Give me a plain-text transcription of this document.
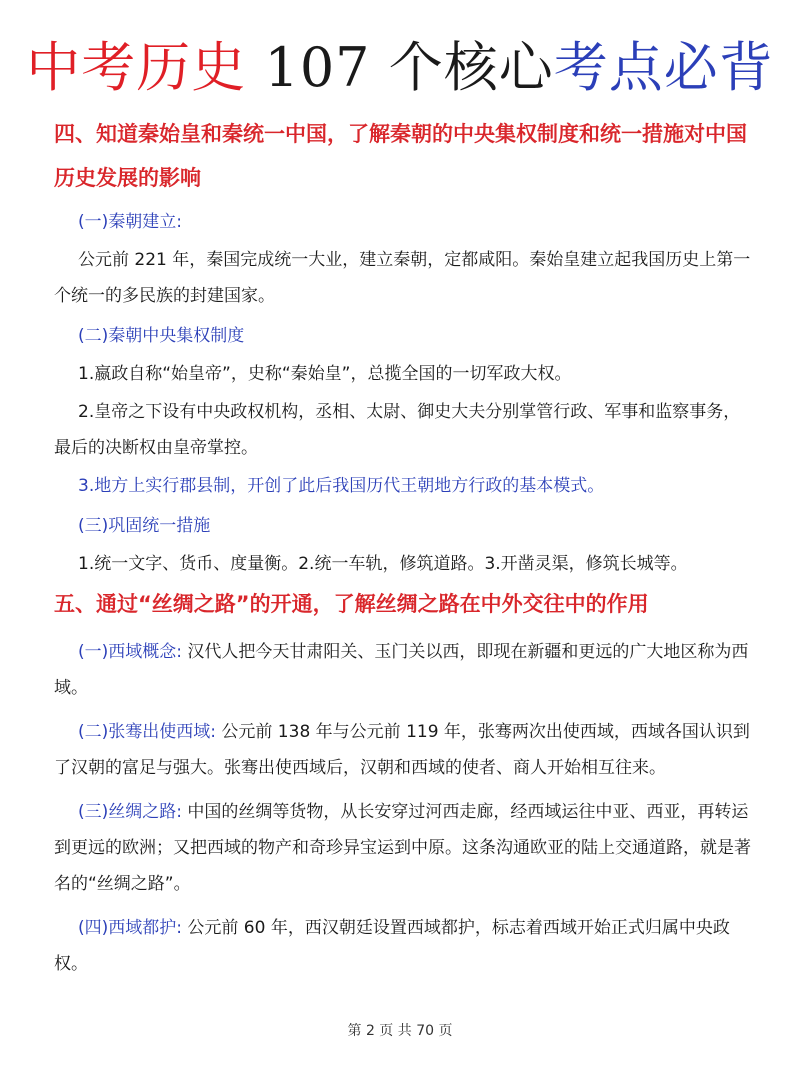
中考历史 107 个核心考点必背

四、知道秦始皇和秦统一中国，了解秦朝的中央集权制度和统一措施对中国历史发展的影响

(一)秦朝建立:

公元前 221 年，秦国完成统一大业，建立秦朝，定都咸阳。秦始皇建立起我国历史上第一个统一的多民族的封建国家。

(二)秦朝中央集权制度

1.嬴政自称“始皇帝”，史称“秦始皇”，总揽全国的一切军政大权。

2.皇帝之下设有中央政权机构，丞相、太尉、御史大夫分别掌管行政、军事和监察事务，最后的决断权由皇帝掌控。

3.地方上实行郡县制，开创了此后我国历代王朝地方行政的基本模式。

(三)巩固统一措施

1.统一文字、货币、度量衡。2.统一车轨，修筑道路。3.开凿灵渠，修筑长城等。

五、通过“丝绸之路”的开通，了解丝绸之路在中外交往中的作用

(一)西域概念: 汉代人把今天甘肃阳关、玉门关以西，即现在新疆和更远的广大地区称为西域。

(二)张骞出使西域: 公元前 138 年与公元前 119 年，张骞两次出使西域，西域各国认识到了汉朝的富足与强大。张骞出使西域后，汉朝和西域的使者、商人开始相互往来。

(三)丝绸之路: 中国的丝绸等货物，从长安穿过河西走廊，经西域运往中亚、西亚，再转运到更远的欧洲；又把西域的物产和奇珍异宝运到中原。这条沟通欧亚的陆上交通道路，就是著名的“丝绸之路”。

(四)西域都护: 公元前 60 年，西汉朝廷设置西域都护，标志着西域开始正式归属中央政权。

第 2 页 共 70 页
